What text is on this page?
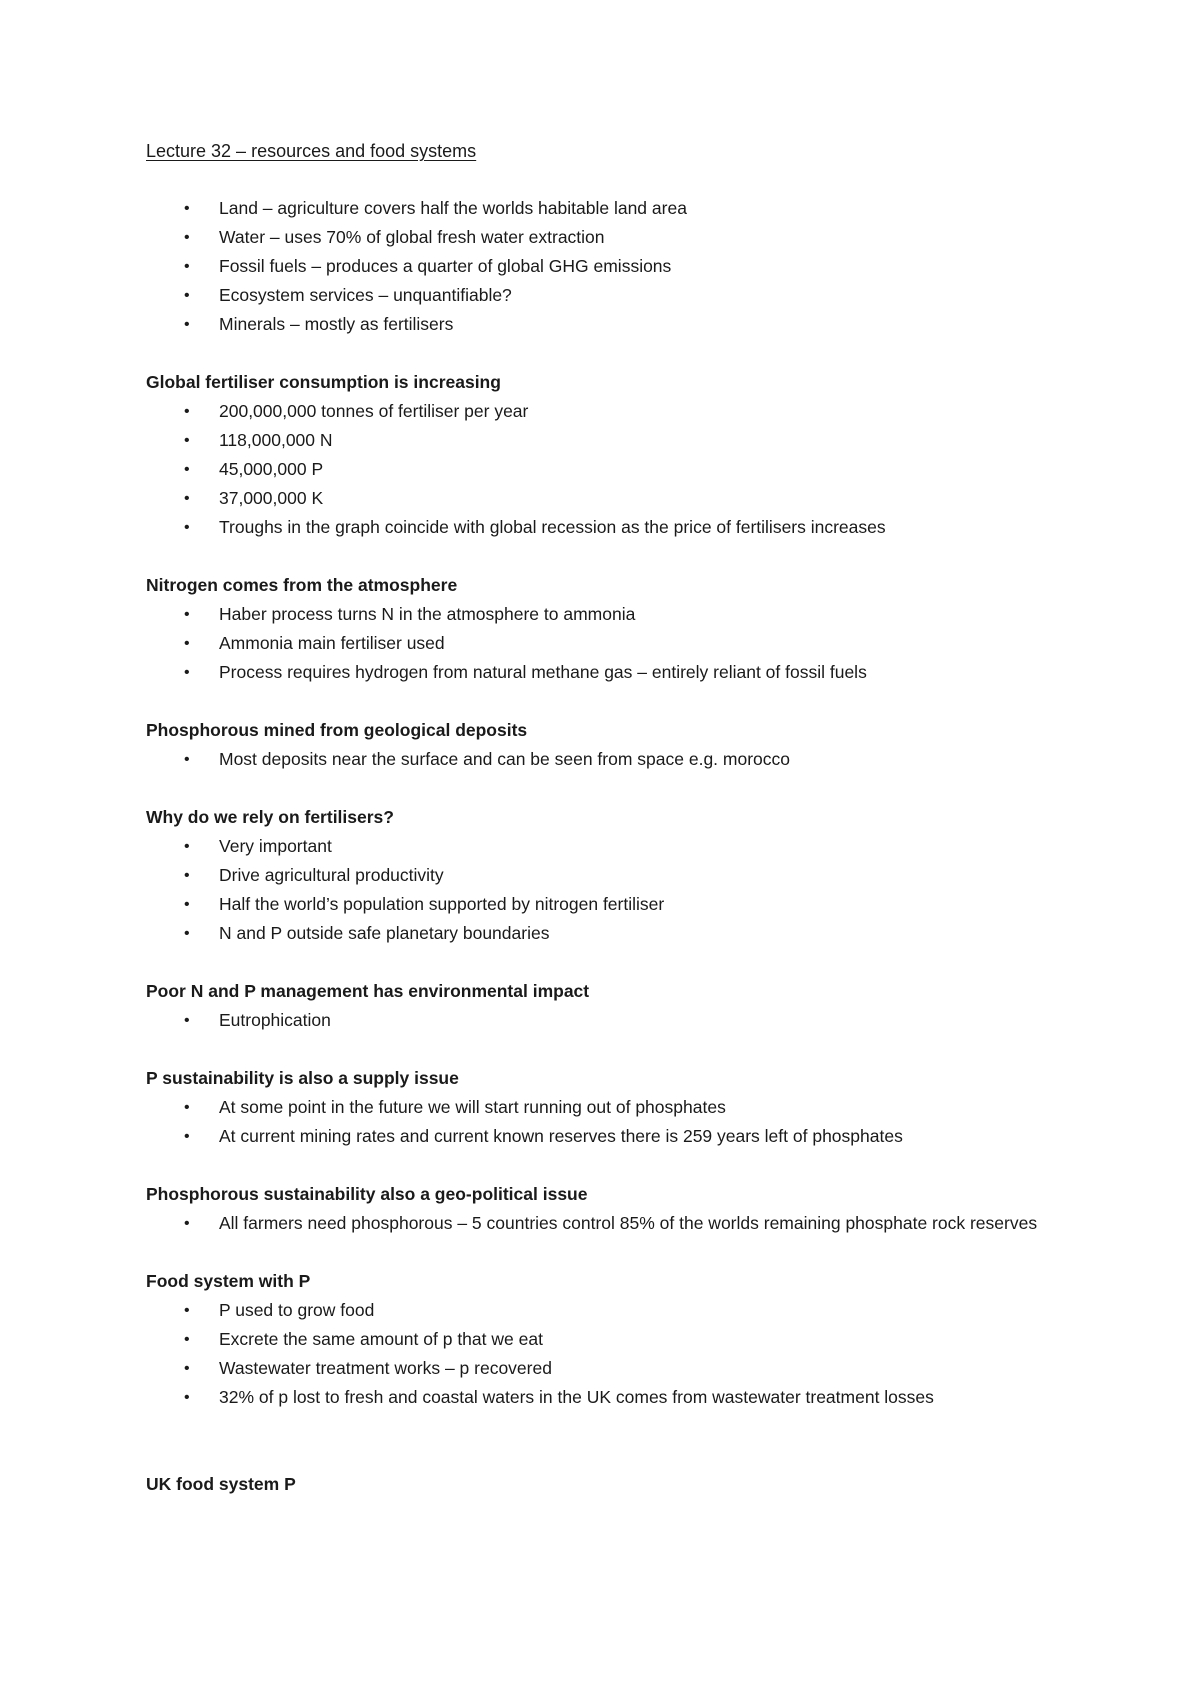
Lecture 32 – resources and food systems
• Land – agriculture covers half the worlds habitable land area
• Water – uses 70% of global fresh water extraction
• Fossil fuels – produces a quarter of global GHG emissions
• Ecosystem services – unquantifiable?
• Minerals – mostly as fertilisers
Global fertiliser consumption is increasing
• 200,000,000 tonnes of fertiliser per year
• 118,000,000 N
• 45,000,000 P
• 37,000,000 K
• Troughs in the graph coincide with global recession as the price of fertilisers increases
Nitrogen comes from the atmosphere
• Haber process turns N in the atmosphere to ammonia
• Ammonia main fertiliser used
• Process requires hydrogen from natural methane gas – entirely reliant of fossil fuels
Phosphorous mined from geological deposits
• Most deposits near the surface and can be seen from space e.g. morocco
Why do we rely on fertilisers?
• Very important
• Drive agricultural productivity
• Half the world’s population supported by nitrogen fertiliser
• N and P outside safe planetary boundaries
Poor N and P management has environmental impact
• Eutrophication
P sustainability is also a supply issue
• At some point in the future we will start running out of phosphates
• At current mining rates and current known reserves there is 259 years left of phosphates
Phosphorous sustainability also a geo-political issue
• All farmers need phosphorous – 5 countries control 85% of the worlds remaining phosphate rock reserves
Food system with P
• P used to grow food
• Excrete the same amount of p that we eat
• Wastewater treatment works – p recovered
• 32% of p lost to fresh and coastal waters in the UK comes from wastewater treatment losses
UK food system P
